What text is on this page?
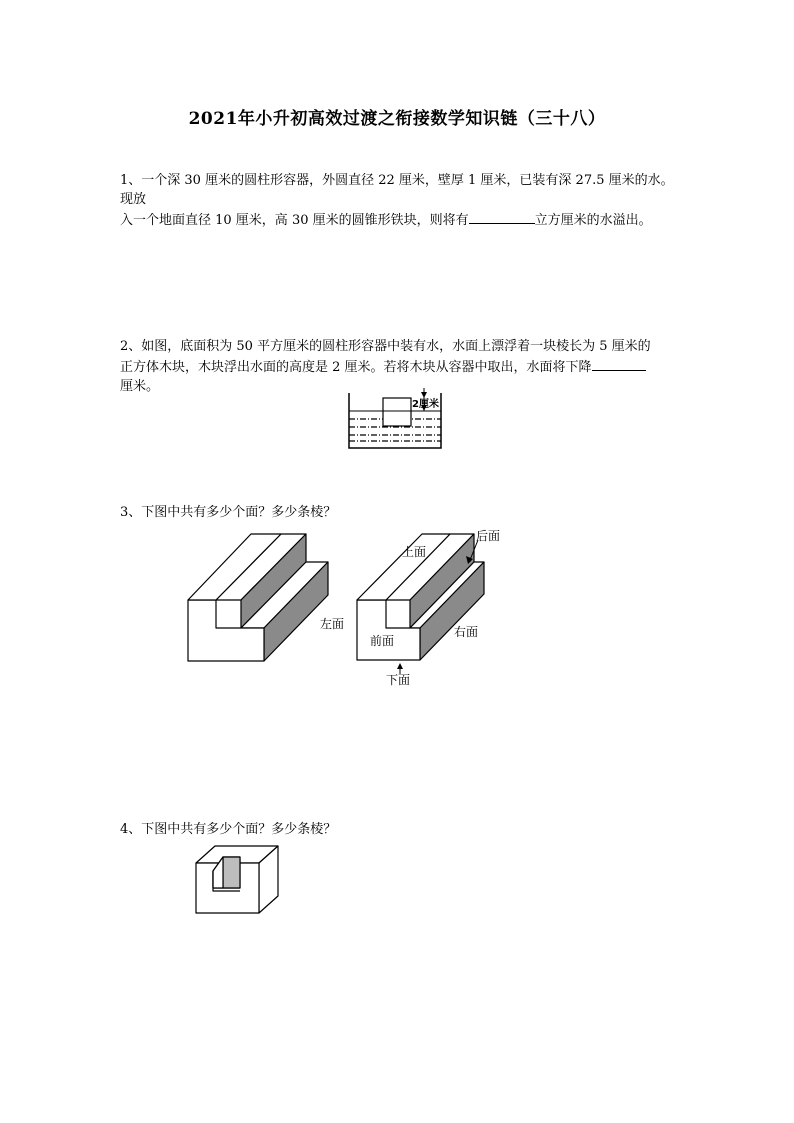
2021年小升初高效过渡之衔接数学知识链（三十八）
1、一个深 30 厘米的圆柱形容器，外圆直径 22 厘米，壁厚 1 厘米，已装有深 27.5 厘米的水。现放
入一个地面直径 10 厘米，高 30 厘米的圆锥形铁块，则将有	立方厘米的水溢出。
2、如图，底面积为 50 平方厘米的圆柱形容器中装有水，水面上漂浮着一块棱长为 5 厘米的
正方体木块，木块浮出水面的高度是 2 厘米。若将木块从容器中取出，水面将下降
厘米。
2厘米
3、下图中共有多少个面？多少条棱？
上面
后面
左面
前面
右面
下面
4、下图中共有多少个面？多少条棱？
